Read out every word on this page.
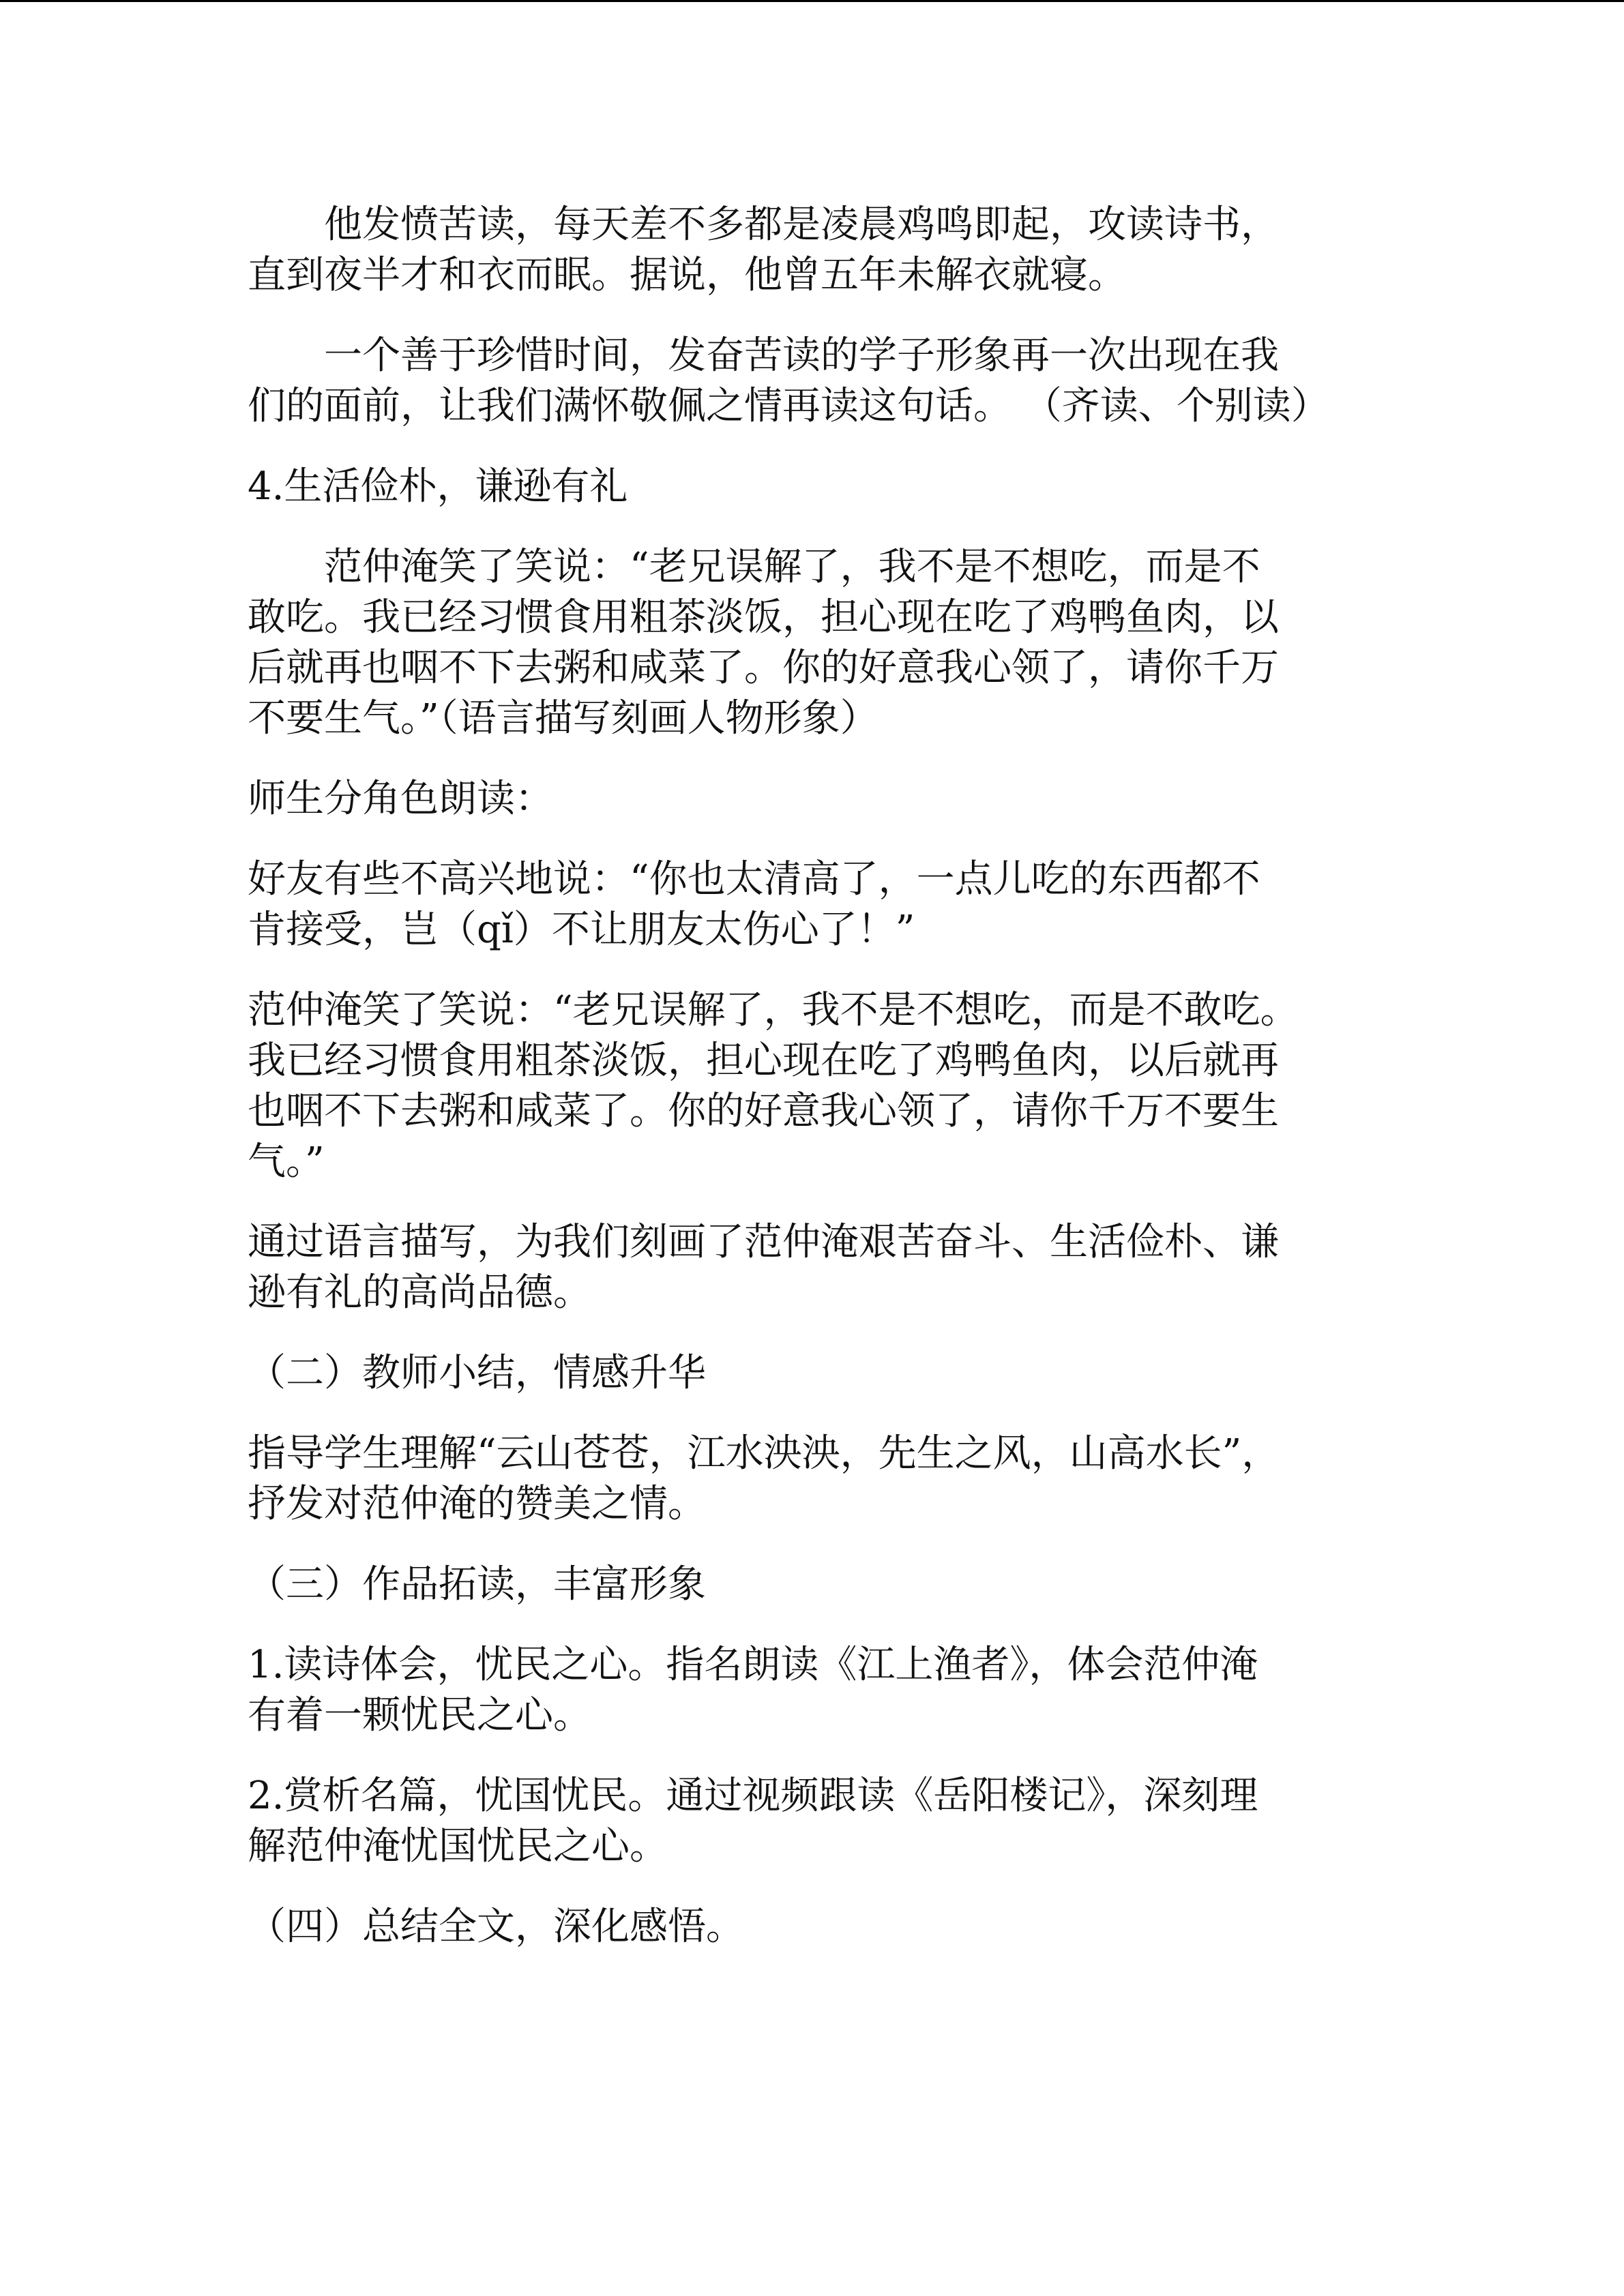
他发愤苦读，每天差不多都是凌晨鸡鸣即起，攻读诗书，
直到夜半才和衣而眠。据说，他曾五年未解衣就寝。

一个善于珍惜时间，发奋苦读的学子形象再一次出现在我
们的面前，让我们满怀敬佩之情再读这句话。 （齐读、个别读）

4.生活俭朴，谦逊有礼

范仲淹笑了笑说：“老兄误解了，我不是不想吃，而是不
敢吃。我已经习惯食用粗茶淡饭，担心现在吃了鸡鸭鱼肉，以
后就再也咽不下去粥和咸菜了。你的好意我心领了，请你千万
不要生气。”（语言描写刻画人物形象）

师生分角色朗读：

好友有些不高兴地说：“你也太清高了，一点儿吃的东西都不
肯接受，岂（qǐ）不让朋友太伤心了！”

范仲淹笑了笑说：“老兄误解了，我不是不想吃，而是不敢吃。
我已经习惯食用粗茶淡饭，担心现在吃了鸡鸭鱼肉，以后就再
也咽不下去粥和咸菜了。你的好意我心领了，请你千万不要生
气。”

通过语言描写，为我们刻画了范仲淹艰苦奋斗、生活俭朴、谦
逊有礼的高尚品德。

（二）教师小结，情感升华

指导学生理解“云山苍苍，江水泱泱，先生之风，山高水长”，
抒发对范仲淹的赞美之情。

（三）作品拓读，丰富形象

1.读诗体会，忧民之心。指名朗读《江上渔者》，体会范仲淹
有着一颗忧民之心。

2.赏析名篇，忧国忧民。通过视频跟读《岳阳楼记》，深刻理
解范仲淹忧国忧民之心。

（四）总结全文，深化感悟。
